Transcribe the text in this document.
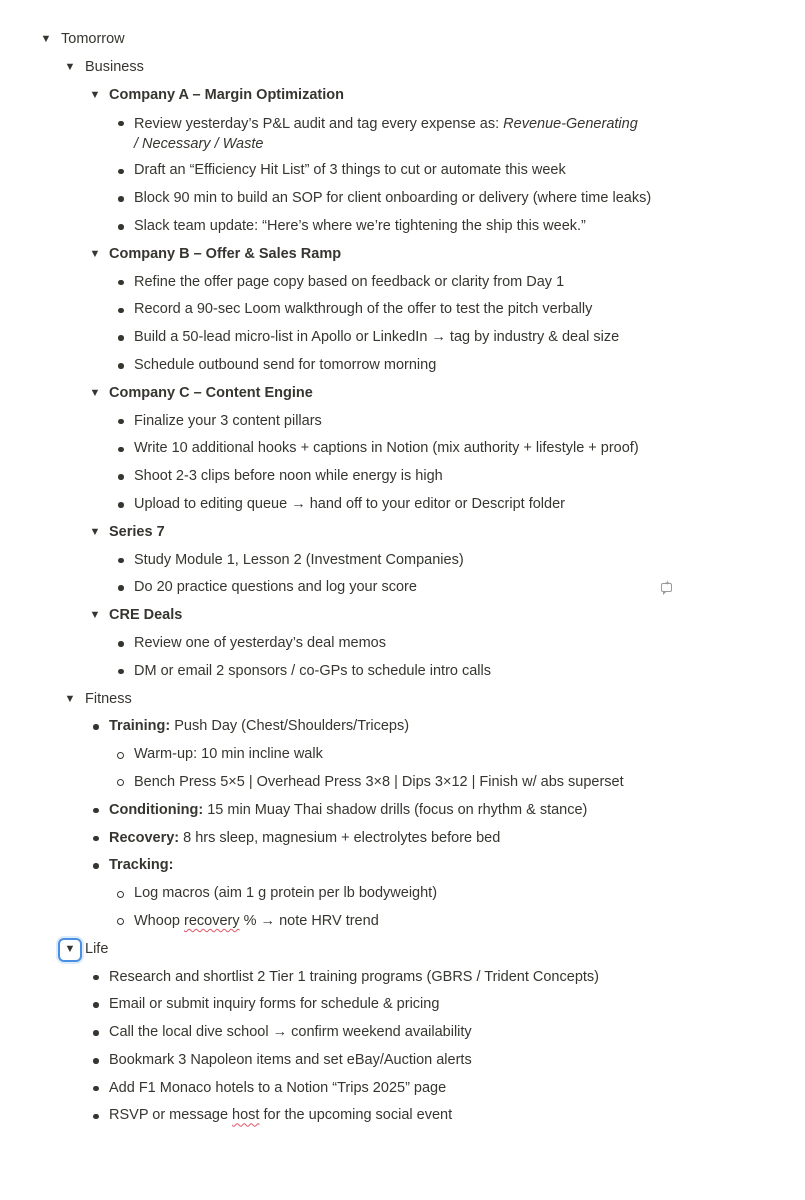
▼ Tomorrow
▼ Business
▼ Company A – Margin Optimization
Review yesterday’s P&L audit and tag every expense as: Revenue-Generating / Necessary / Waste
Draft an “Efficiency Hit List” of 3 things to cut or automate this week
Block 90 min to build an SOP for client onboarding or delivery (where time leaks)
Slack team update: “Here’s where we’re tightening the ship this week.”
▼ Company B – Offer & Sales Ramp
Refine the offer page copy based on feedback or clarity from Day 1
Record a 90-sec Loom walkthrough of the offer to test the pitch verbally
Build a 50-lead micro-list in Apollo or LinkedIn → tag by industry & deal size
Schedule outbound send for tomorrow morning
▼ Company C – Content Engine
Finalize your 3 content pillars
Write 10 additional hooks + captions in Notion (mix authority + lifestyle + proof)
Shoot 2-3 clips before noon while energy is high
Upload to editing queue → hand off to your editor or Descript folder
▼ Series 7
Study Module 1, Lesson 2 (Investment Companies)
Do 20 practice questions and log your score	+
▼ CRE Deals
Review one of yesterday’s deal memos
DM or email 2 sponsors / co-GPs to schedule intro calls
▼ Fitness
Training: Push Day (Chest/Shoulders/Triceps)
Warm-up: 10 min incline walk
Bench Press 5×5 | Overhead Press 3×8 | Dips 3×12 | Finish w/ abs superset
Conditioning: 15 min Muay Thai shadow drills (focus on rhythm & stance)
Recovery: 8 hrs sleep, magnesium + electrolytes before bed
Tracking:
Log macros (aim 1 g protein per lb bodyweight)
Whoop recovery % → note HRV trend
▼ Life
Research and shortlist 2 Tier 1 training programs (GBRS / Trident Concepts)
Email or submit inquiry forms for schedule & pricing
Call the local dive school → confirm weekend availability
Bookmark 3 Napoleon items and set eBay/Auction alerts
Add F1 Monaco hotels to a Notion “Trips 2025” page
RSVP or message host for the upcoming social event
